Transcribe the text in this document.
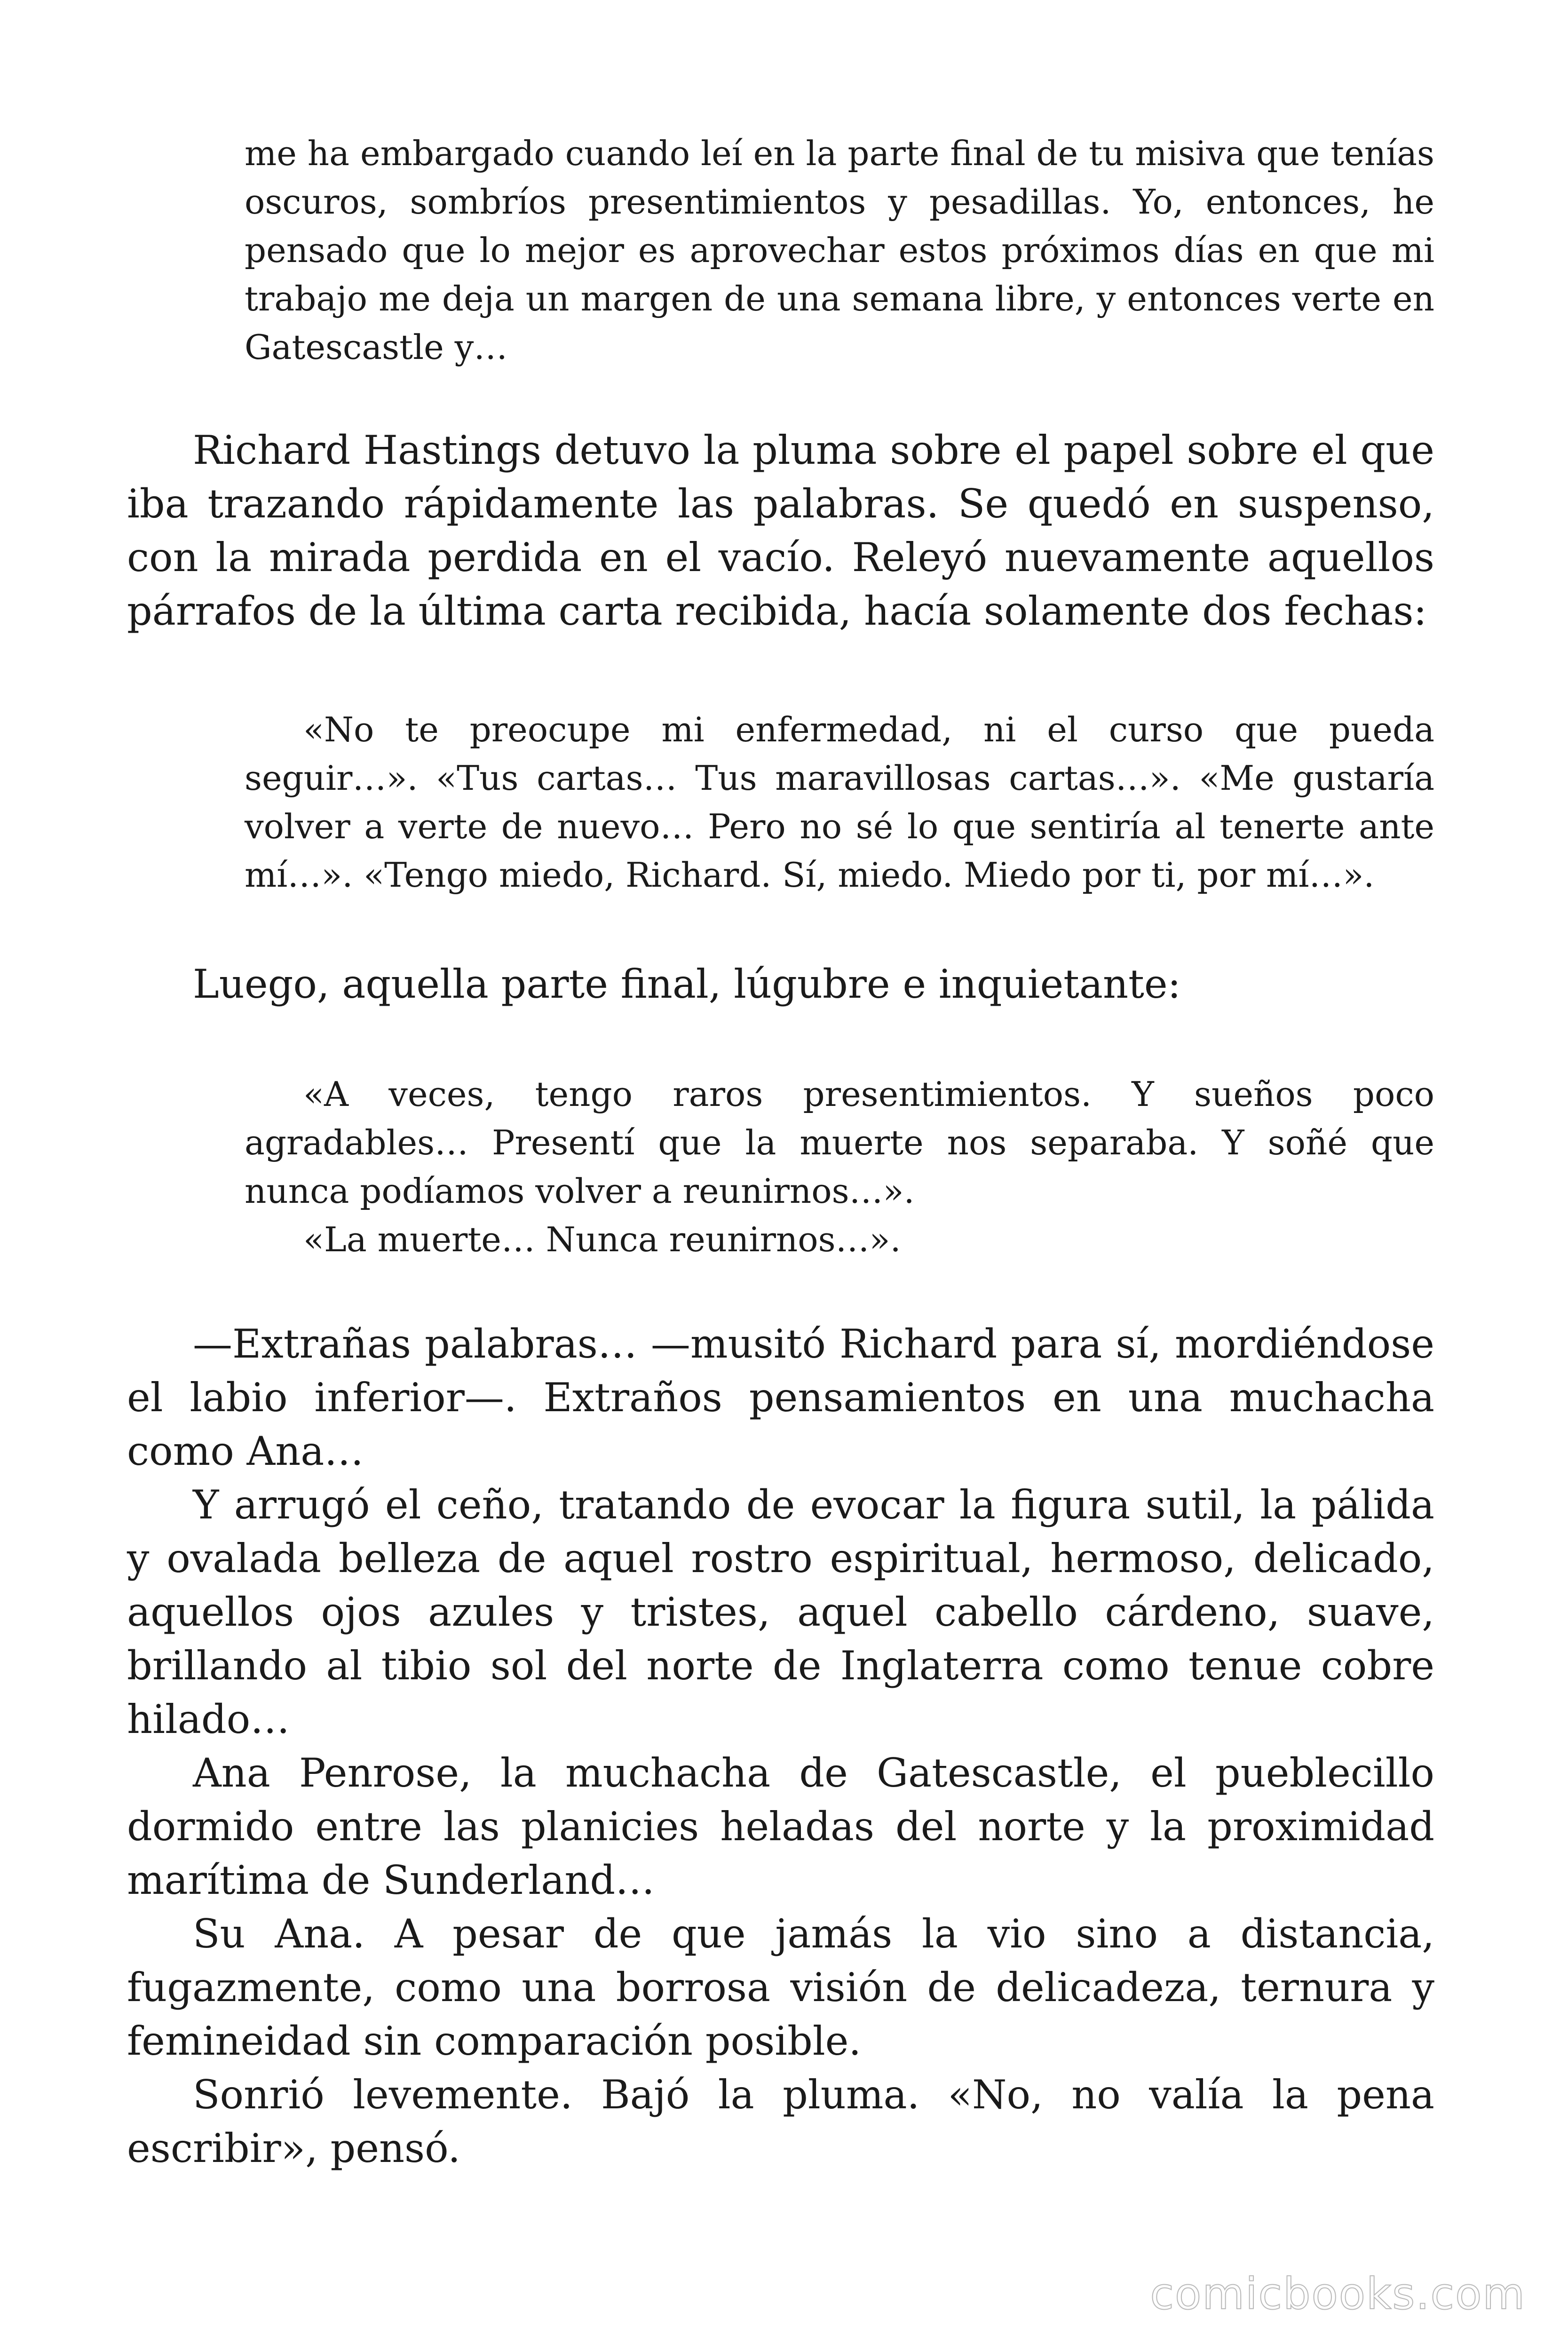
me ha embargado cuando leí en la parte final de tu misiva que tenías oscuros, sombríos presentimientos y pesadillas. Yo, entonces, he pensado que lo mejor es aprovechar estos próximos días en que mi trabajo me deja un margen de una semana libre, y entonces verte en Gatescastle y…

Richard Hastings detuvo la pluma sobre el papel sobre el que iba trazando rápidamente las palabras. Se quedó en suspenso, con la mirada perdida en el vacío. Releyó nuevamente aquellos párrafos de la última carta recibida, hacía solamente dos fechas:

«No te preocupe mi enfermedad, ni el curso que pueda seguir…». «Tus cartas… Tus maravillosas cartas…». «Me gustaría volver a verte de nuevo… Pero no sé lo que sentiría al tenerte ante mí…». «Tengo miedo, Richard. Sí, miedo. Miedo por ti, por mí…».

Luego, aquella parte final, lúgubre e inquietante:

«A veces, tengo raros presentimientos. Y sueños poco agradables… Presentí que la muerte nos separaba. Y soñé que nunca podíamos volver a reunirnos…».

«La muerte… Nunca reunirnos…».

—Extrañas palabras… —musitó Richard para sí, mordiéndose el labio inferior—. Extraños pensamientos en una muchacha como Ana…

Y arrugó el ceño, tratando de evocar la figura sutil, la pálida y ovalada belleza de aquel rostro espiritual, hermoso, delicado, aquellos ojos azules y tristes, aquel cabello cárdeno, suave, brillando al tibio sol del norte de Inglaterra como tenue cobre hilado…

Ana Penrose, la muchacha de Gatescastle, el pueblecillo dormido entre las planicies heladas del norte y la proximidad marítima de Sunderland…

Su Ana. A pesar de que jamás la vio sino a distancia, fugazmente, como una borrosa visión de delicadeza, ternura y femineidad sin comparación posible.

Sonrió levemente. Bajó la pluma. «No, no valía la pena escribir», pensó.

comicbooks.com
